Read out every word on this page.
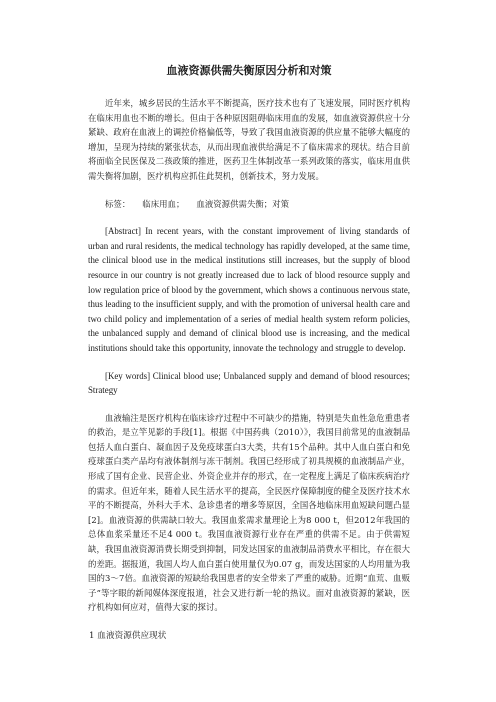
血液资源供需失衡原因分析和对策

近年来，城乡居民的生活水平不断提高，医疗技术也有了飞速发展，同时医疗机构在临床用血也不断的增长。但由于各种原因阻碍临床用血的发展，如血液资源供应十分紧缺、政府在血液上的调控价格偏低等，导致了我国血液资源的供应量不能够大幅度的增加，呈现为持续的紧张状态，从而出现血液供给满足不了临床需求的现状。结合目前将面临全民医保及二孩政策的推进，医药卫生体制改革一系列政策的落实，临床用血供需失衡将加剧，医疗机构应抓住此契机，创新技术，努力发展。

标签： 临床用血； 血液资源供需失衡；对策

[Abstract] In recent years, with the constant improvement of living standards of urban and rural residents, the medical technology has rapidly developed, at the same time, the clinical blood use in the medical institutions still increases, but the supply of blood resource in our country is not greatly increased due to lack of blood resource supply and low regulation price of blood by the government, which shows a continuous nervous state, thus leading to the insufficient supply, and with the promotion of universal health care and two child policy and implementation of a series of medial health system reform policies, the unbalanced supply and demand of clinical blood use is increasing, and the medical institutions should take this opportunity, innovate the technology and struggle to develop.

[Key words] Clinical blood use; Unbalanced supply and demand of blood resources; Strategy

血液输注是医疗机构在临床诊疗过程中不可缺少的措施，特别是失血性急危重患者的救治，是立竿见影的手段[1]。根据《中国药典（2010）》，我国目前常见的血液制品包括人血白蛋白、凝血因子及免疫球蛋白3大类，共有15个品种。其中人血白蛋白和免疫球蛋白类产品均有液体制剂与冻干制剂。我国已经形成了初具规模的血液制品产业，形成了国有企业、民营企业、外资企业并存的形式，在一定程度上满足了临床疾病治疗的需求。但近年来，随着人民生活水平的提高，全民医疗保障制度的健全及医疗技术水平的不断提高，外科大手术、急诊患者的增多等原因，全国各地临床用血短缺问题凸显[2]。血液资源的供需缺口较大。我国血浆需求量理论上为8 000 t，但2012年我国的总体血浆采量还不足4 000 t。我国血液资源行业存在严重的供需不足。由于供需短缺，我国血液资源消费长期受到抑制，同发达国家的血液制品消费水平相比，存在很大的差距。据报道，我国人均人血白蛋白使用量仅为0.07 g，而发达国家的人均用量为我国的3～7倍。血液资源的短缺给我国患者的安全带来了严重的威胁。近期“血荒、血贩子”等字眼的新闻媒体深度报道，社会又进行新一轮的热议。面对血液资源的紧缺，医疗机构如何应对，值得大家的探讨。

1 血液资源供应现状
